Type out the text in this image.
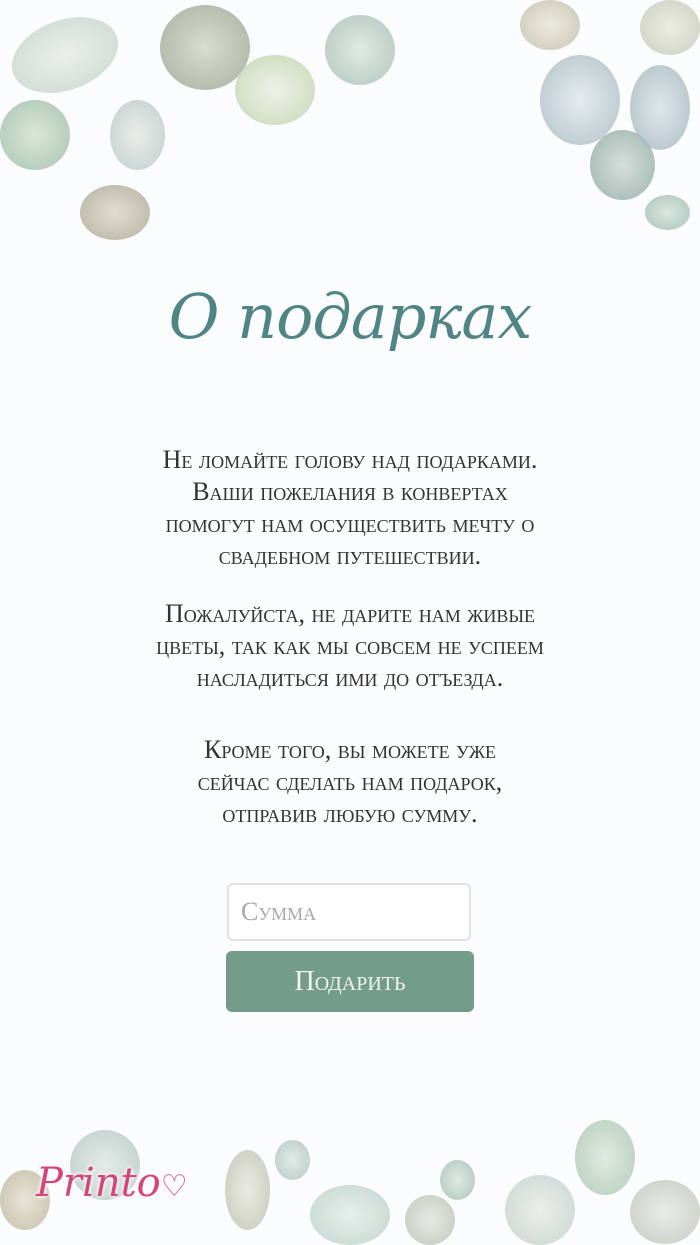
О подарках
Не ломайте голову над подарками.
Ваши пожелания в конвертах
помогут нам осуществить мечту о
свадебном путешествии.
Пожалуйста, не дарите нам живые
цветы, так как мы совсем не успеем
насладиться ими до отъезда.
Кроме того, вы можете уже
сейчас сделать нам подарок,
отправив любую сумму.
Сумма
Подарить
Printo♡
